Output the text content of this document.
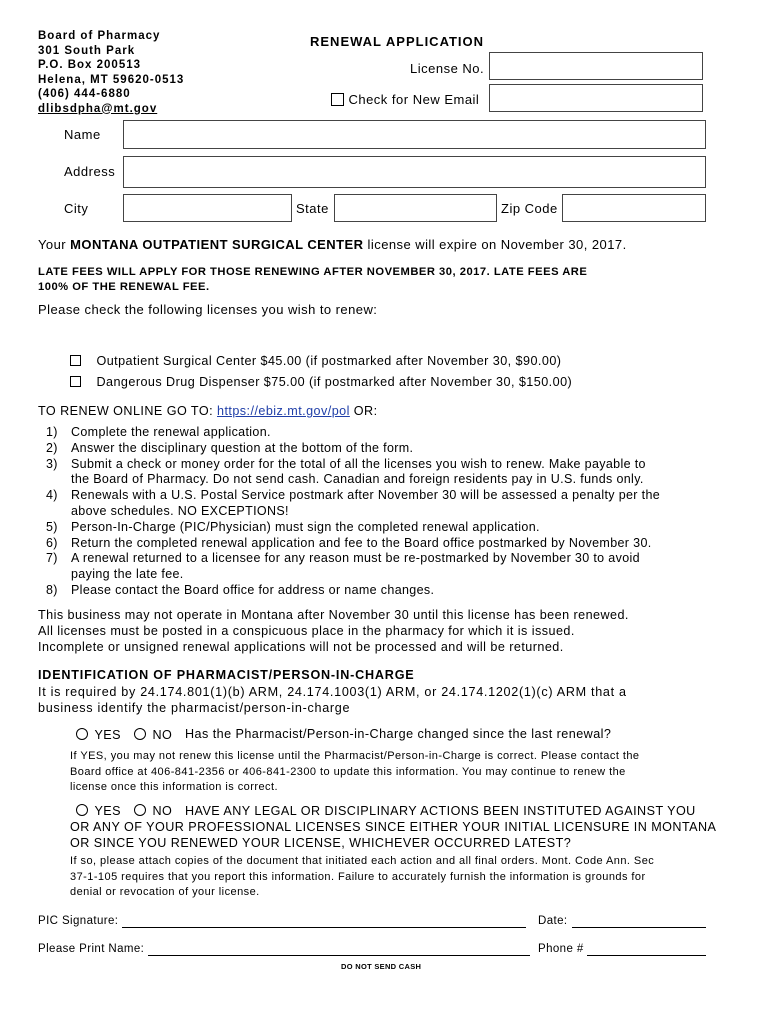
Board of Pharmacy
301 South Park
P.O. Box 200513
Helena, MT 59620-0513
(406) 444-6880
dlibsdpha@mt.gov
RENEWAL APPLICATION
License No.
Check for New Email
Name
Address
City	State	Zip Code
Your MONTANA OUTPATIENT SURGICAL CENTER license will expire on November 30, 2017.
LATE FEES WILL APPLY FOR THOSE RENEWING AFTER NOVEMBER 30, 2017. LATE FEES ARE
100% OF THE RENEWAL FEE.
Please check the following licenses you wish to renew:
Outpatient Surgical Center $45.00 (if postmarked after November 30, $90.00)
Dangerous Drug Dispenser $75.00 (if postmarked after November 30, $150.00)
TO RENEW ONLINE GO TO: https://ebiz.mt.gov/pol OR:
1) Complete the renewal application.
2) Answer the disciplinary question at the bottom of the form.
3) Submit a check or money order for the total of all the licenses you wish to renew. Make payable to
the Board of Pharmacy. Do not send cash. Canadian and foreign residents pay in U.S. funds only.
4) Renewals with a U.S. Postal Service postmark after November 30 will be assessed a penalty per the
above schedules. NO EXCEPTIONS!
5) Person-In-Charge (PIC/Physician) must sign the completed renewal application.
6) Return the completed renewal application and fee to the Board office postmarked by November 30.
7) A renewal returned to a licensee for any reason must be re-postmarked by November 30 to avoid
paying the late fee.
8) Please contact the Board office for address or name changes.
This business may not operate in Montana after November 30 until this license has been renewed.
All licenses must be posted in a conspicuous place in the pharmacy for which it is issued.
Incomplete or unsigned renewal applications will not be processed and will be returned.
IDENTIFICATION OF PHARMACIST/PERSON-IN-CHARGE
It is required by 24.174.801(1)(b) ARM, 24.174.1003(1) ARM, or 24.174.1202(1)(c) ARM that a
business identify the pharmacist/person-in-charge
YES	NO Has the Pharmacist/Person-in-Charge changed since the last renewal?
If YES, you may not renew this license until the Pharmacist/Person-in-Charge is correct. Please contact the
Board office at 406-841-2356 or 406-841-2300 to update this information. You may continue to renew the
license once this information is correct.
YES	NO	HAVE ANY LEGAL OR DISCIPLINARY ACTIONS BEEN INSTITUTED AGAINST YOU
OR ANY OF YOUR PROFESSIONAL LICENSES SINCE EITHER YOUR INITIAL LICENSURE IN MONTANA
OR SINCE YOU RENEWED YOUR LICENSE, WHICHEVER OCCURRED LATEST?
If so, please attach copies of the document that initiated each action and all final orders. Mont. Code Ann. Sec
37-1-105 requires that you report this information. Failure to accurately furnish the information is grounds for
denial or revocation of your license.
PIC Signature:	Date:
Please Print Name:	Phone #
DO NOT SEND CASH
